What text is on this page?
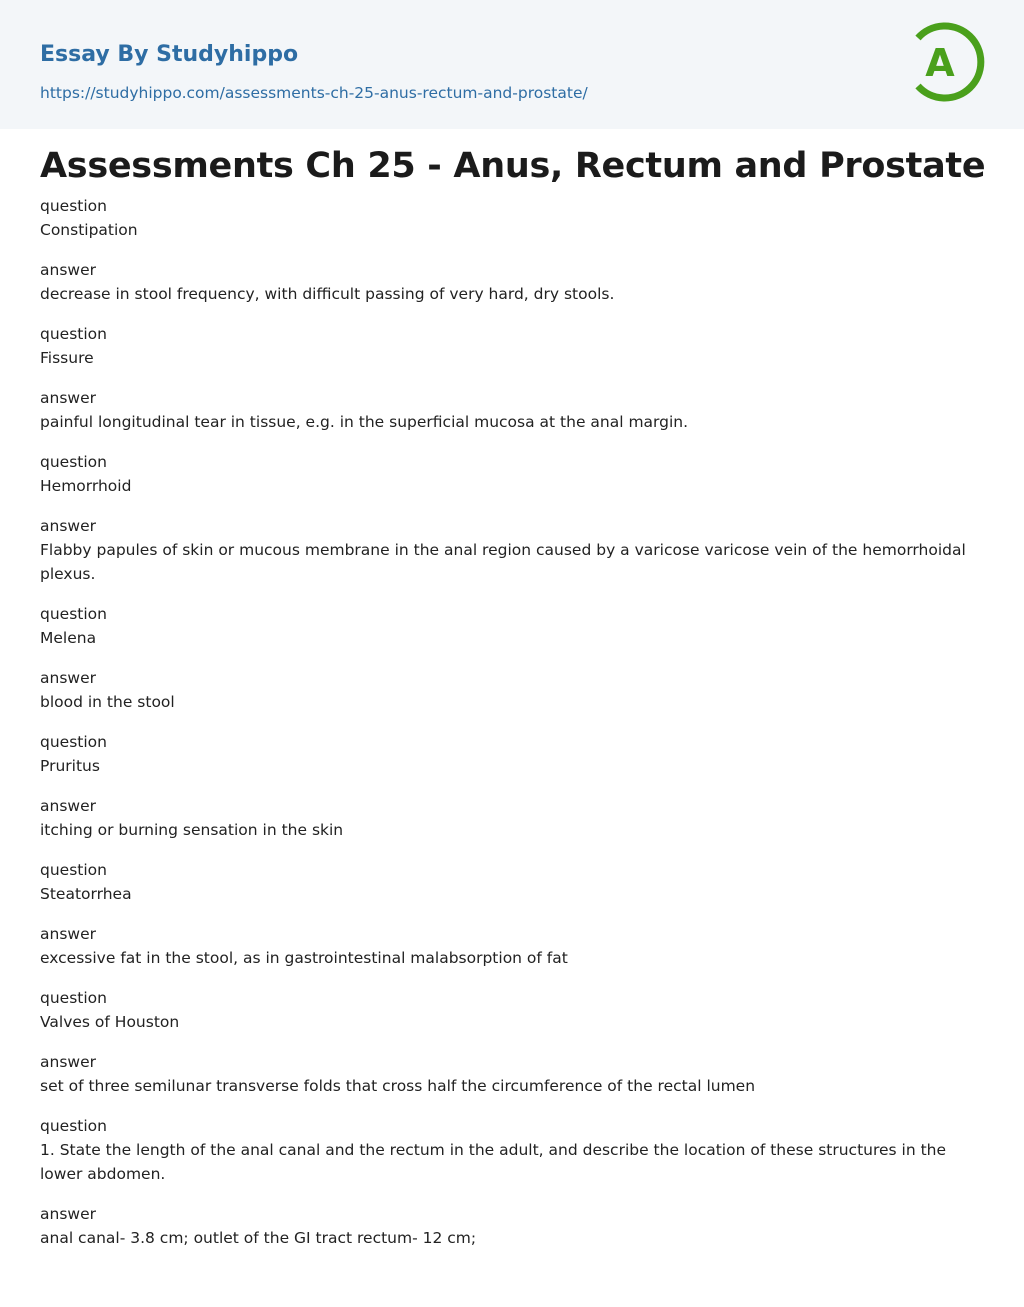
Essay By Studyhippo
https://studyhippo.com/assessments-ch-25-anus-rectum-and-prostate/
A
Assessments Ch 25 - Anus, Rectum and Prostate
question
Constipation
answer
decrease in stool frequency, with difficult passing of very hard, dry stools.
question
Fissure
answer
painful longitudinal tear in tissue, e.g. in the superficial mucosa at the anal margin.
question
Hemorrhoid
answer
Flabby papules of skin or mucous membrane in the anal region caused by a varicose varicose vein of the hemorrhoidal plexus.
question
Melena
answer
blood in the stool
question
Pruritus
answer
itching or burning sensation in the skin
question
Steatorrhea
answer
excessive fat in the stool, as in gastrointestinal malabsorption of fat
question
Valves of Houston
answer
set of three semilunar transverse folds that cross half the circumference of the rectal lumen
question
1. State the length of the anal canal and the rectum in the adult, and describe the location of these structures in the lower abdomen.
answer
anal canal- 3.8 cm; outlet of the GI tract rectum- 12 cm;
